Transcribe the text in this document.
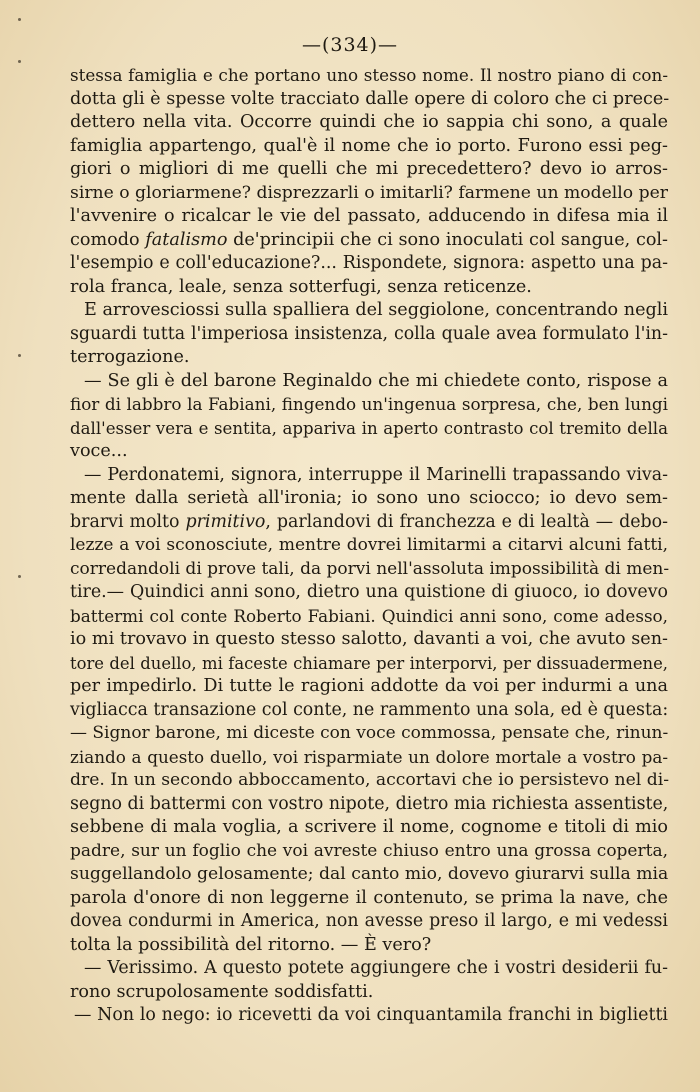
—(334)—
stessa famiglia e che portano uno stesso nome. Il nostro piano di con-
dotta gli è spesse volte tracciato dalle opere di coloro che ci prece-
dettero nella vita. Occorre quindi che io sappia chi sono, a quale
famiglia appartengo, qual'è il nome che io porto. Furono essi peg-
giori o migliori di me quelli che mi precedettero? devo io arros-
sirne o gloriarmene? disprezzarli o imitarli? farmene un modello per
l'avvenire o ricalcar le vie del passato, adducendo in difesa mia il
comodo fatalismo de'principii che ci sono inoculati col sangue, col-
l'esempio e coll'educazione?... Rispondete, signora: aspetto una pa-
rola franca, leale, senza sotterfugi, senza reticenze.
E arrovesciossi sulla spalliera del seggiolone, concentrando negli
sguardi tutta l'imperiosa insistenza, colla quale avea formulato l'in-
terrogazione.
— Se gli è del barone Reginaldo che mi chiedete conto, rispose a
fior di labbro la Fabiani, fingendo un'ingenua sorpresa, che, ben lungi
dall'esser vera e sentita, appariva in aperto contrasto col tremito della
voce...
— Perdonatemi, signora, interruppe il Marinelli trapassando viva-
mente dalla serietà all'ironia; io sono uno sciocco; io devo sem-
brarvi molto primitivo, parlandovi di franchezza e di lealtà — debo-
lezze a voi sconosciute, mentre dovrei limitarmi a citarvi alcuni fatti,
corredandoli di prove tali, da porvi nell'assoluta impossibilità di men-
tire.— Quindici anni sono, dietro una quistione di giuoco, io dovevo
battermi col conte Roberto Fabiani. Quindici anni sono, come adesso,
io mi trovavo in questo stesso salotto, davanti a voi, che avuto sen-
tore del duello, mi faceste chiamare per interporvi, per dissuadermene,
per impedirlo. Di tutte le ragioni addotte da voi per indurmi a una
vigliacca transazione col conte, ne rammento una sola, ed è questa:
— Signor barone, mi diceste con voce commossa, pensate che, rinun-
ziando a questo duello, voi risparmiate un dolore mortale a vostro pa-
dre. In un secondo abboccamento, accortavi che io persistevo nel di-
segno di battermi con vostro nipote, dietro mia richiesta assentiste,
sebbene di mala voglia, a scrivere il nome, cognome e titoli di mio
padre, sur un foglio che voi avreste chiuso entro una grossa coperta,
suggellandolo gelosamente; dal canto mio, dovevo giurarvi sulla mia
parola d'onore di non leggerne il contenuto, se prima la nave, che
dovea condurmi in America, non avesse preso il largo, e mi vedessi
tolta la possibilità del ritorno. — È vero?
— Verissimo. A questo potete aggiungere che i vostri desiderii fu-
rono scrupolosamente soddisfatti.
— Non lo nego: io ricevetti da voi cinquantamila franchi in biglietti
